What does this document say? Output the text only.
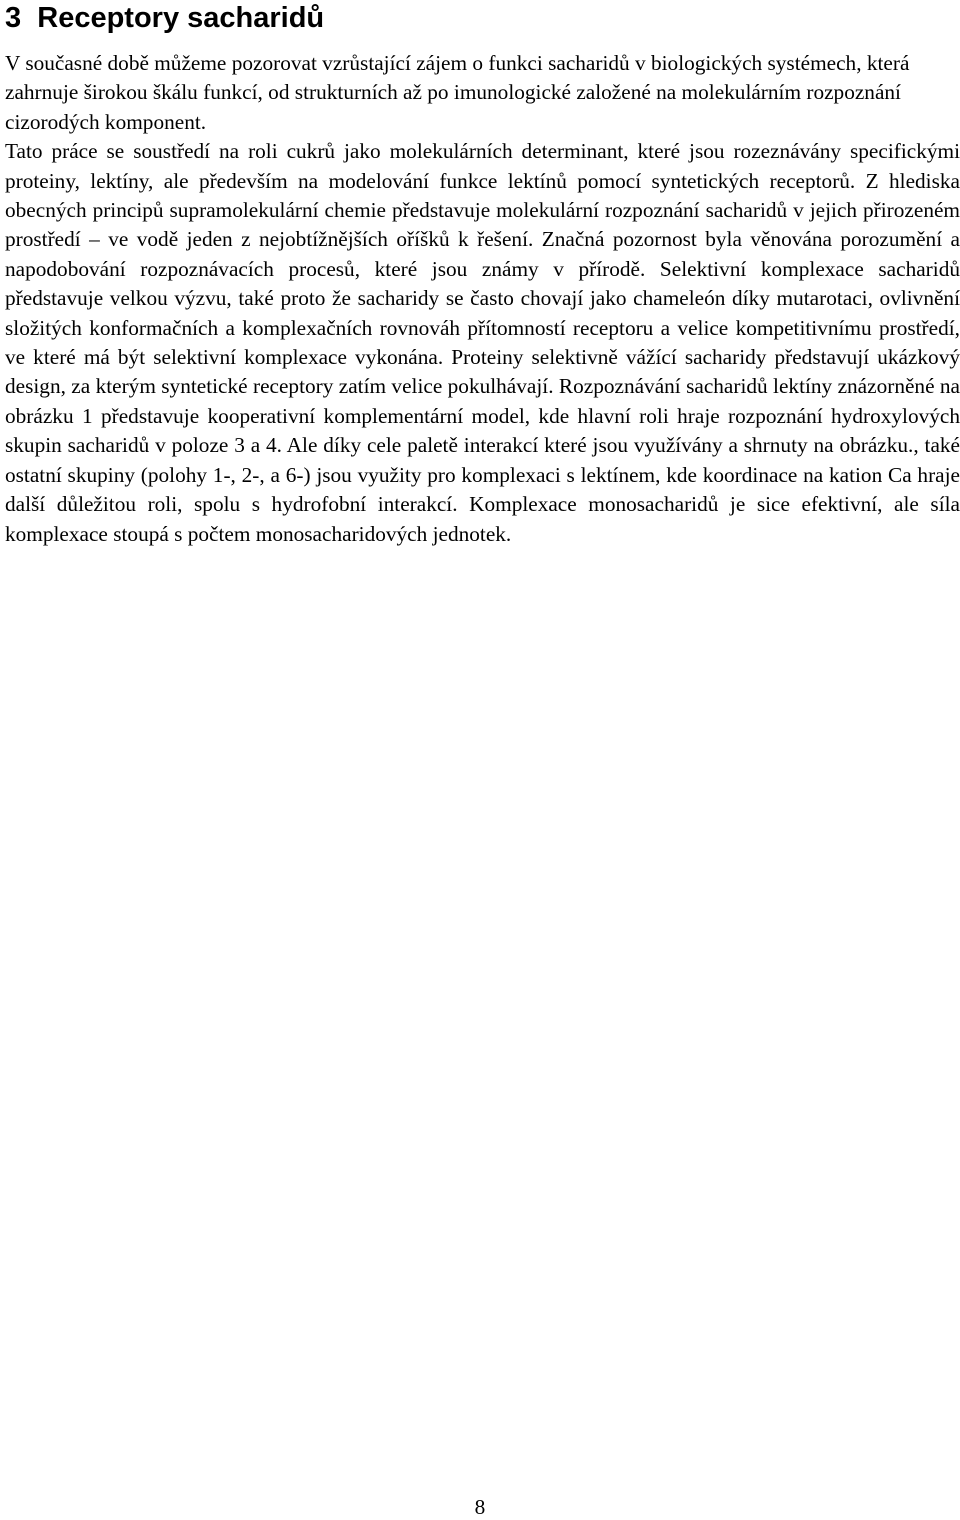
3 Receptory sacharidů

V současné době můžeme pozorovat vzrůstající zájem o funkci sacharidů v biologických systémech, která zahrnuje širokou škálu funkcí, od strukturních až po imunologické založené na molekulárním rozpoznání cizorodých komponent.

Tato práce se soustředí na roli cukrů jako molekulárních determinant, které jsou rozeznávány specifickými proteiny, lektíny, ale především na modelování funkce lektínů pomocí syntetických receptorů. Z hlediska obecných principů supramolekulární chemie představuje molekulární rozpoznání sacharidů v jejich přirozeném prostředí – ve vodě jeden z nejobtížnějších oříšků k řešení. Značná pozornost byla věnována porozumění a napodobování rozpoznávacích procesů, které jsou známy v přírodě. Selektivní komplexace sacharidů představuje velkou výzvu, také proto že sacharidy se často chovají jako chameleón díky mutarotaci, ovlivnění složitých konformačních a komplexačních rovnováh přítomností receptoru a velice kompetitivnímu prostředí, ve které má být selektivní komplexace vykonána. Proteiny selektivně vážící sacharidy představují ukázkový design, za kterým syntetické receptory zatím velice pokulhávají. Rozpoznávání sacharidů lektíny znázorněné na obrázku 1 představuje kooperativní komplementární model, kde hlavní roli hraje rozpoznání hydroxylových skupin sacharidů v poloze 3 a 4. Ale díky cele paletě interakcí které jsou využívány a shrnuty na obrázku., také ostatní skupiny (polohy 1-, 2-, a 6-) jsou využity pro komplexaci s lektínem, kde koordinace na kation Ca hraje další důležitou roli, spolu s hydrofobní interakcí. Komplexace monosacharidů je sice efektivní, ale síla komplexace stoupá s počtem monosacharidových jednotek.

8
